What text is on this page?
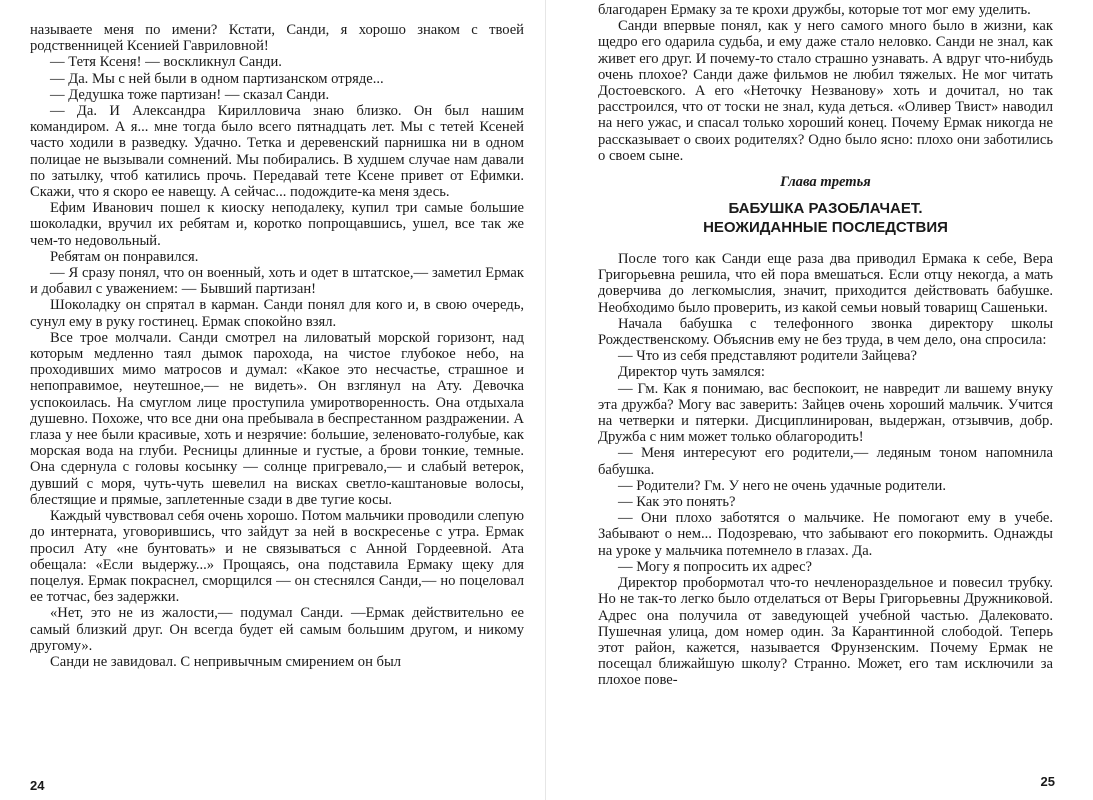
называете меня по имени? Кстати, Санди, я хорошо знаком с твоей родственницей Ксенией Гавриловной!

— Тетя Ксеня! — воскликнул Санди.

— Да. Мы с ней были в одном партизанском отряде...

— Дедушка тоже партизан! — сказал Санди.

— Да. И Александра Кирилловича знаю близко. Он был нашим командиром. А я... мне тогда было всего пятнадцать лет. Мы с тетей Ксеней часто ходили в разведку. Удачно. Тетка и деревенский парнишка ни в одном полицае не вызывали сомнений. Мы побирались. В худшем случае нам давали по затылку, чтоб катились прочь. Передавай тете Ксене привет от Ефимки. Скажи, что я скоро ее навещу. А сейчас... подождите-ка меня здесь.

Ефим Иванович пошел к киоску неподалеку, купил три самые большие шоколадки, вручил их ребятам и, коротко попрощавшись, ушел, все так же чем-то недовольный.

Ребятам он понравился.

— Я сразу понял, что он военный, хоть и одет в штатское,— заметил Ермак и добавил с уважением: — Бывший партизан!

Шоколадку он спрятал в карман. Санди понял для кого и, в свою очередь, сунул ему в руку гостинец. Ермак спокойно взял.

Все трое молчали. Санди смотрел на лиловатый морской горизонт, над которым медленно таял дымок парохода, на чистое глубокое небо, на проходивших мимо матросов и думал: «Какое это несчастье, страшное и непоправимое, неутешное,— не видеть». Он взглянул на Ату. Девочка успокоилась. На смуглом лице проступила умиротворенность. Она отдыхала душевно. Похоже, что все дни она пребывала в беспрестанном раздражении. А глаза у нее были красивые, хоть и незрячие: большие, зеленовато-голубые, как морская вода на глуби. Ресницы длинные и густые, а брови тонкие, темные. Она сдернула с головы косынку — солнце пригревало,— и слабый ветерок, дувший с моря, чуть-чуть шевелил на висках светло-каштановые волосы, блестящие и прямые, заплетенные сзади в две тугие косы.

Каждый чувствовал себя очень хорошо. Потом мальчики проводили слепую до интерната, уговорившись, что зайдут за ней в воскресенье с утра. Ермак просил Ату «не бунтовать» и не связываться с Анной Гордеевной. Ата обещала: «Если выдержу...» Прощаясь, она подставила Ермаку щеку для поцелуя. Ермак покраснел, сморщился — он стеснялся Санди,— но поцеловал ее тотчас, без задержки.

«Нет, это не из жалости,— подумал Санди. —Ермак действительно ее самый близкий друг. Он всегда будет ей самым большим другом, и никому другому».

Санди не завидовал. С непривычным смирением он был

24

благодарен Ермаку за те крохи дружбы, которые тот мог ему уделить.

Санди впервые понял, как у него самого много было в жизни, как щедро его одарила судьба, и ему даже стало неловко. Санди не знал, как живет его друг. И почему-то стало страшно узнавать. А вдруг что-нибудь очень плохое? Санди даже фильмов не любил тяжелых. Не мог читать Достоевского. А его «Неточку Незванову» хоть и дочитал, но так расстроился, что от тоски не знал, куда деться. «Оливер Твист» наводил на него ужас, и спасал только хороший конец. Почему Ермак никогда не рассказывает о своих родителях? Одно было ясно: плохо они заботились о своем сыне.

Глава третья
БАБУШКА РАЗОБЛАЧАЕТ.
НЕОЖИДАННЫЕ ПОСЛЕДСТВИЯ

После того как Санди еще раза два приводил Ермака к себе, Вера Григорьевна решила, что ей пора вмешаться. Если отцу некогда, а мать доверчива до легкомыслия, значит, приходится действовать бабушке. Необходимо было проверить, из какой семьи новый товарищ Сашеньки.

Начала бабушка с телефонного звонка директору школы Рождественскому. Объяснив ему не без труда, в чем дело, она спросила:

— Что из себя представляют родители Зайцева?

Директор чуть замялся:

— Гм. Как я понимаю, вас беспокоит, не навредит ли вашему внуку эта дружба? Могу вас заверить: Зайцев очень хороший мальчик. Учится на четверки и пятерки. Дисциплинирован, выдержан, отзывчив, добр. Дружба с ним может только облагородить!

— Меня интересуют его родители,— ледяным тоном напомнила бабушка.

— Родители? Гм. У него не очень удачные родители.

— Как это понять?

— Они плохо заботятся о мальчике. Не помогают ему в учебе. Забывают о нем... Подозреваю, что забывают его покормить. Однажды на уроке у мальчика потемнело в глазах. Да.

— Могу я попросить их адрес?

Директор пробормотал что-то нечленораздельное и повесил трубку. Но не так-то легко было отделаться от Веры Григорьевны Дружниковой. Адрес она получила от заведующей учебной частью. Далековато. Пушечная улица, дом номер один. За Карантинной слободой. Теперь этот район, кажется, называется Фрунзенским. Почему Ермак не посещал ближайшую школу? Странно. Может, его там исключили за плохое пове-

25
